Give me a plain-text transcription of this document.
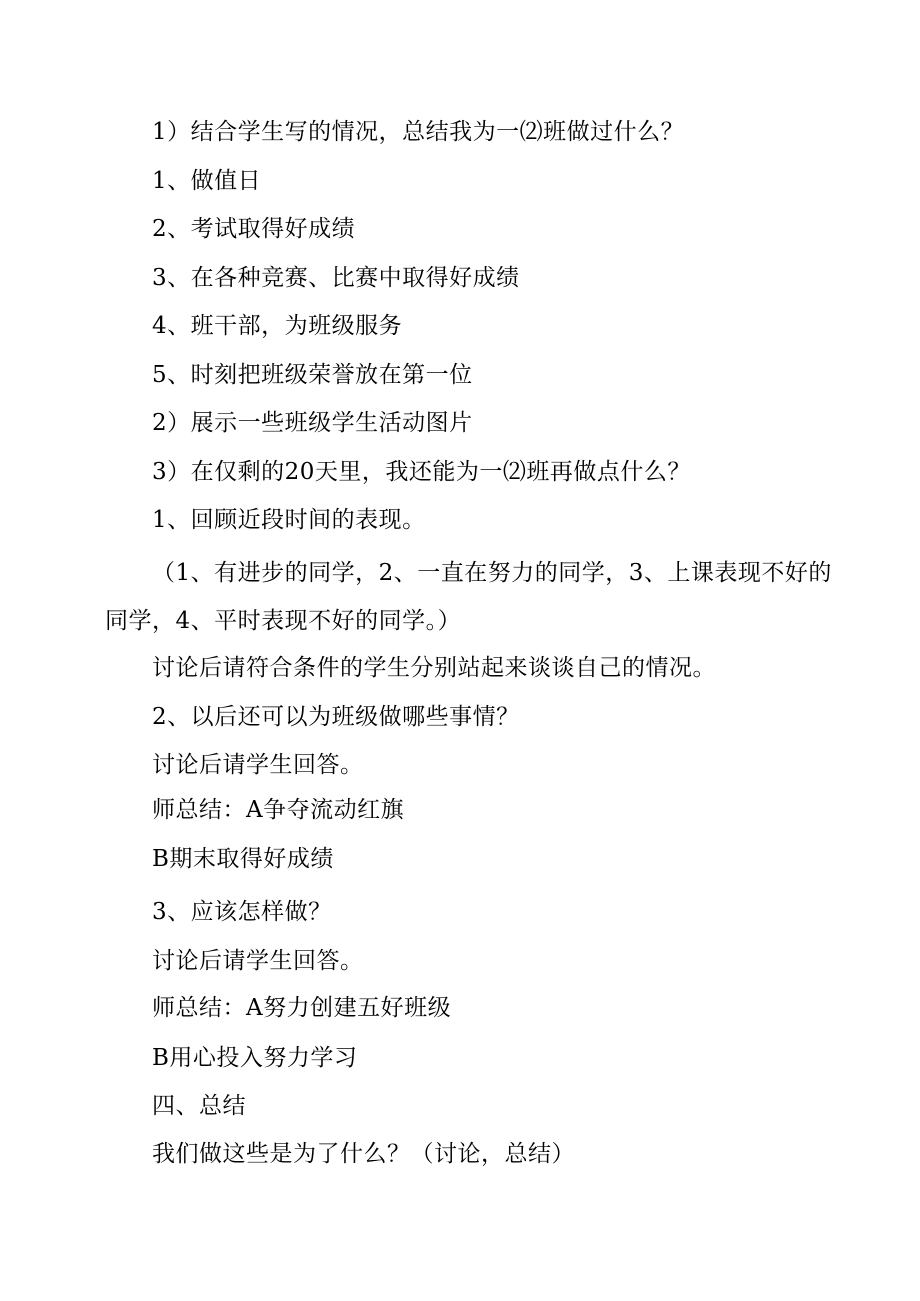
1）结合学生写的情况，总结我为一⑵班做过什么？
1、做值日
2、考试取得好成绩
3、在各种竞赛、比赛中取得好成绩
4、班干部，为班级服务
5、时刻把班级荣誉放在第一位
2）展示一些班级学生活动图片
3）在仅剩的20天里，我还能为一⑵班再做点什么？
1、回顾近段时间的表现。
（1、有进步的同学，2、一直在努力的同学，3、上课表现不好的同学，4、平时表现不好的同学。）
讨论后请符合条件的学生分别站起来谈谈自己的情况。
2、以后还可以为班级做哪些事情？
讨论后请学生回答。
师总结：A争夺流动红旗
B期末取得好成绩
3、应该怎样做？
讨论后请学生回答。
师总结：A努力创建五好班级
B用心投入努力学习
四、总结
我们做这些是为了什么？（讨论，总结）
